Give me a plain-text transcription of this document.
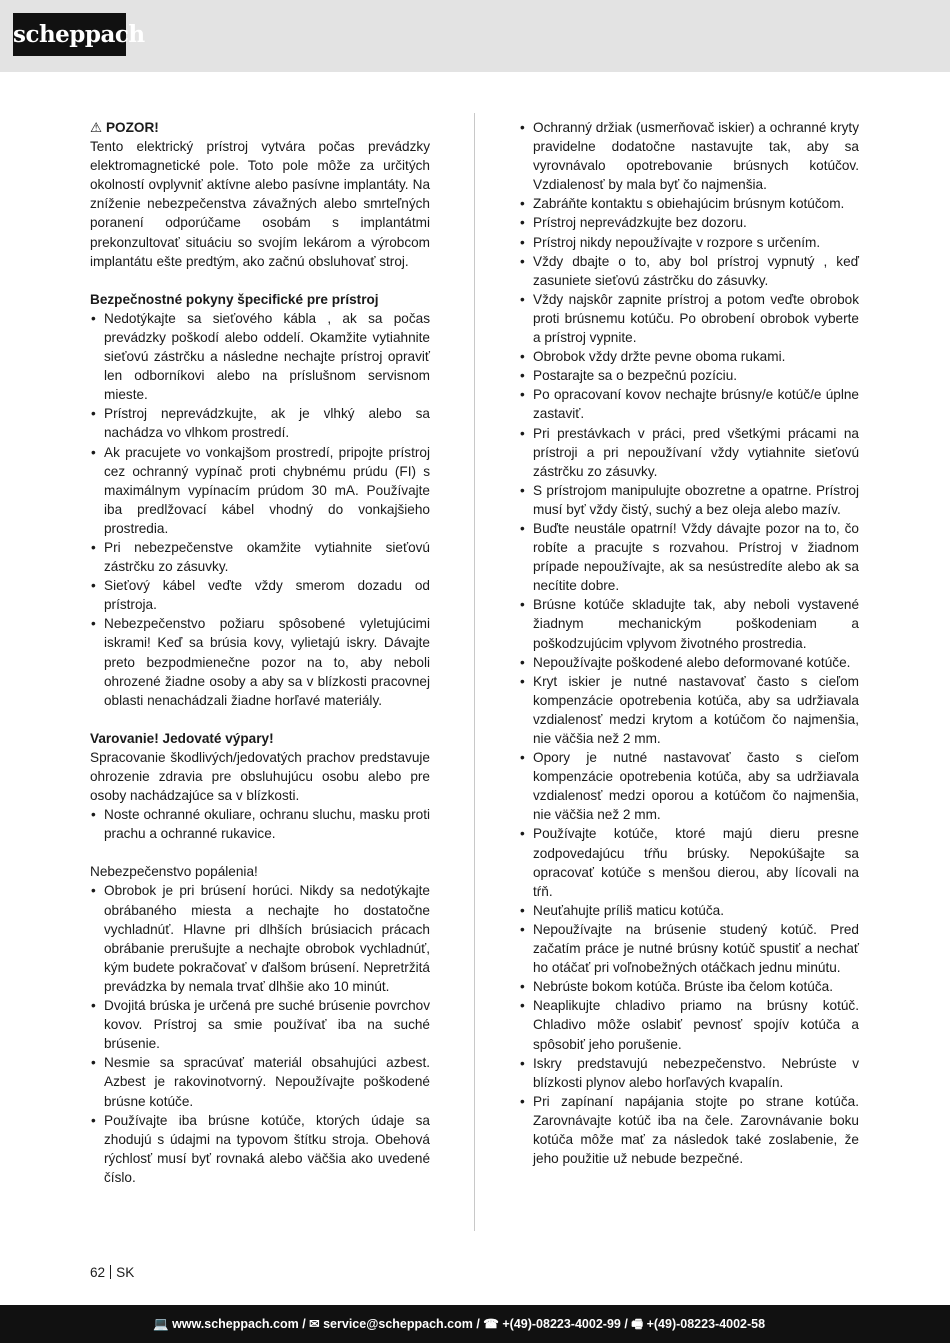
scheppach

⚠ POZOR!

Tento elektrický prístroj vytvára počas prevádzky elektromagnetické pole. Toto pole môže za určitých okolností ovplyvniť aktívne alebo pasívne implantáty. Na zníženie nebezpečenstva závažných alebo smrteľných poranení odporúčame osobám s implantátmi prekonzultovať situáciu so svojím lekárom a výrobcom implantátu ešte predtým, ako začnú obsluhovať stroj.

Bezpečnostné pokyny špecifické pre prístroj

• Nedotýkajte sa sieťového kábla , ak sa počas prevádzky poškodí alebo oddelí. Okamžite vytiahnite sieťovú zástrčku a následne nechajte prístroj opraviť len odborníkovi alebo na príslušnom servisnom mieste.
• Prístroj neprevádzkujte, ak je vlhký alebo sa nachádza vo vlhkom prostredí.
• Ak pracujete vo vonkajšom prostredí, pripojte prístroj cez ochranný vypínač proti chybnému prúdu (FI) s maximálnym vypínacím prúdom 30 mA. Používajte iba predlžovací kábel vhodný do vonkajšieho prostredia.
• Pri nebezpečenstve okamžite vytiahnite sieťovú zástrčku zo zásuvky.
• Sieťový kábel veďte vždy smerom dozadu od prístroja.
• Nebezpečenstvo požiaru spôsobené vyletujúcimi iskrami! Keď sa brúsia kovy, vylietajú iskry. Dávajte preto bezpodmienečne pozor na to, aby neboli ohrozené žiadne osoby a aby sa v blízkosti pracovnej oblasti nenachádzali žiadne horľavé materiály.

Varovanie! Jedovaté výpary!

Spracovanie škodlivých/jedovatých prachov predstavuje ohrozenie zdravia pre obsluhujúcu osobu alebo pre osoby nachádzajúce sa v blízkosti.

• Noste ochranné okuliare, ochranu sluchu, masku proti prachu a ochranné rukavice.

Nebezpečenstvo popálenia!

• Obrobok je pri brúsení horúci. Nikdy sa nedotýkajte obrábaného miesta a nechajte ho dostatočne vychladnúť. Hlavne pri dlhších brúsiacich prácach obrábanie prerušujte a nechajte obrobok vychladnúť, kým budete pokračovať v ďalšom brúsení. Nepretržitá prevádzka by nemala trvať dlhšie ako 10 minút.
• Dvojitá brúska je určená pre suché brúsenie povrchov kovov. Prístroj sa smie používať iba na suché brúsenie.
• Nesmie sa spracúvať materiál obsahujúci azbest. Azbest je rakovinotvorný. Nepoužívajte poškodené brúsne kotúče.
• Používajte iba brúsne kotúče, ktorých údaje sa zhodujú s údajmi na typovom štítku stroja. Obehová rýchlosť musí byť rovnaká alebo väčšia ako uvedené číslo.
• Ochranný držiak (usmerňovač iskier) a ochranné kryty pravidelne dodatočne nastavujte tak, aby sa vyrovnávalo opotrebovanie brúsnych kotúčov. Vzdialenosť by mala byť čo najmenšia.
• Zabráňte kontaktu s obiehajúcim brúsnym kotúčom.
• Prístroj neprevádzkujte bez dozoru.
• Prístroj nikdy nepoužívajte v rozpore s určením.
• Vždy dbajte o to, aby bol prístroj vypnutý , keď zasuniete sieťovú zástrčku do zásuvky.
• Vždy najskôr zapnite prístroj a potom veďte obrobok proti brúsnemu kotúču. Po obrobení obrobok vyberte a prístroj vypnite.
• Obrobok vždy držte pevne oboma rukami.
• Postarajte sa o bezpečnú pozíciu.
• Po opracovaní kovov nechajte brúsny/e kotúč/e úplne zastaviť.
• Pri prestávkach v práci, pred všetkými prácami na prístroji a pri nepoužívaní vždy vytiahnite sieťovú zástrčku zo zásuvky.
• S prístrojom manipulujte obozretne a opatrne. Prístroj musí byť vždy čistý, suchý a bez oleja alebo mazív.
• Buďte neustále opatrní! Vždy dávajte pozor na to, čo robíte a pracujte s rozvahou. Prístroj v žiadnom prípade nepoužívajte, ak sa nesústredíte alebo ak sa necítite dobre.
• Brúsne kotúče skladujte tak, aby neboli vystavené žiadnym mechanickým poškodeniam a poškodzujúcim vplyvom životného prostredia.
• Nepoužívajte poškodené alebo deformované kotúče.
• Kryt iskier je nutné nastavovať často s cieľom kompenzácie opotrebenia kotúča, aby sa udržiavala vzdialenosť medzi krytom a kotúčom čo najmenšia, nie väčšia než 2 mm.
• Opory je nutné nastavovať často s cieľom kompenzácie opotrebenia kotúča, aby sa udržiavala vzdialenosť medzi oporou a kotúčom čo najmenšia, nie väčšia než 2 mm.
• Používajte kotúče, ktoré majú dieru presne zodpovedajúcu tŕňu brúsky. Nepokúšajte sa opracovať kotúče s menšou dierou, aby lícovali na tŕň.
• Neuťahujte príliš maticu kotúča.
• Nepoužívajte na brúsenie studený kotúč. Pred začatím práce je nutné brúsny kotúč spustiť a nechať ho otáčať pri voľnobežných otáčkach jednu minútu.
• Nebrúste bokom kotúča. Brúste iba čelom kotúča.
• Neaplikujte chladivo priamo na brúsny kotúč. Chladivo môže oslabiť pevnosť spojív kotúča a spôsobiť jeho porušenie.
• Iskry predstavujú nebezpečenstvo. Nebrúste v blízkosti plynov alebo horľavých kvapalín.
• Pri zapínaní napájania stojte po strane kotúča. Zarovnávajte kotúč iba na čele. Zarovnávanie boku kotúča môže mať za následok také zoslabenie, že jeho použitie už nebude bezpečné.
62 SK
💻 www.scheppach.com / ✉ service@scheppach.com / ☎ +(49)-08223-4002-99 / 🖷 +(49)-08223-4002-58
